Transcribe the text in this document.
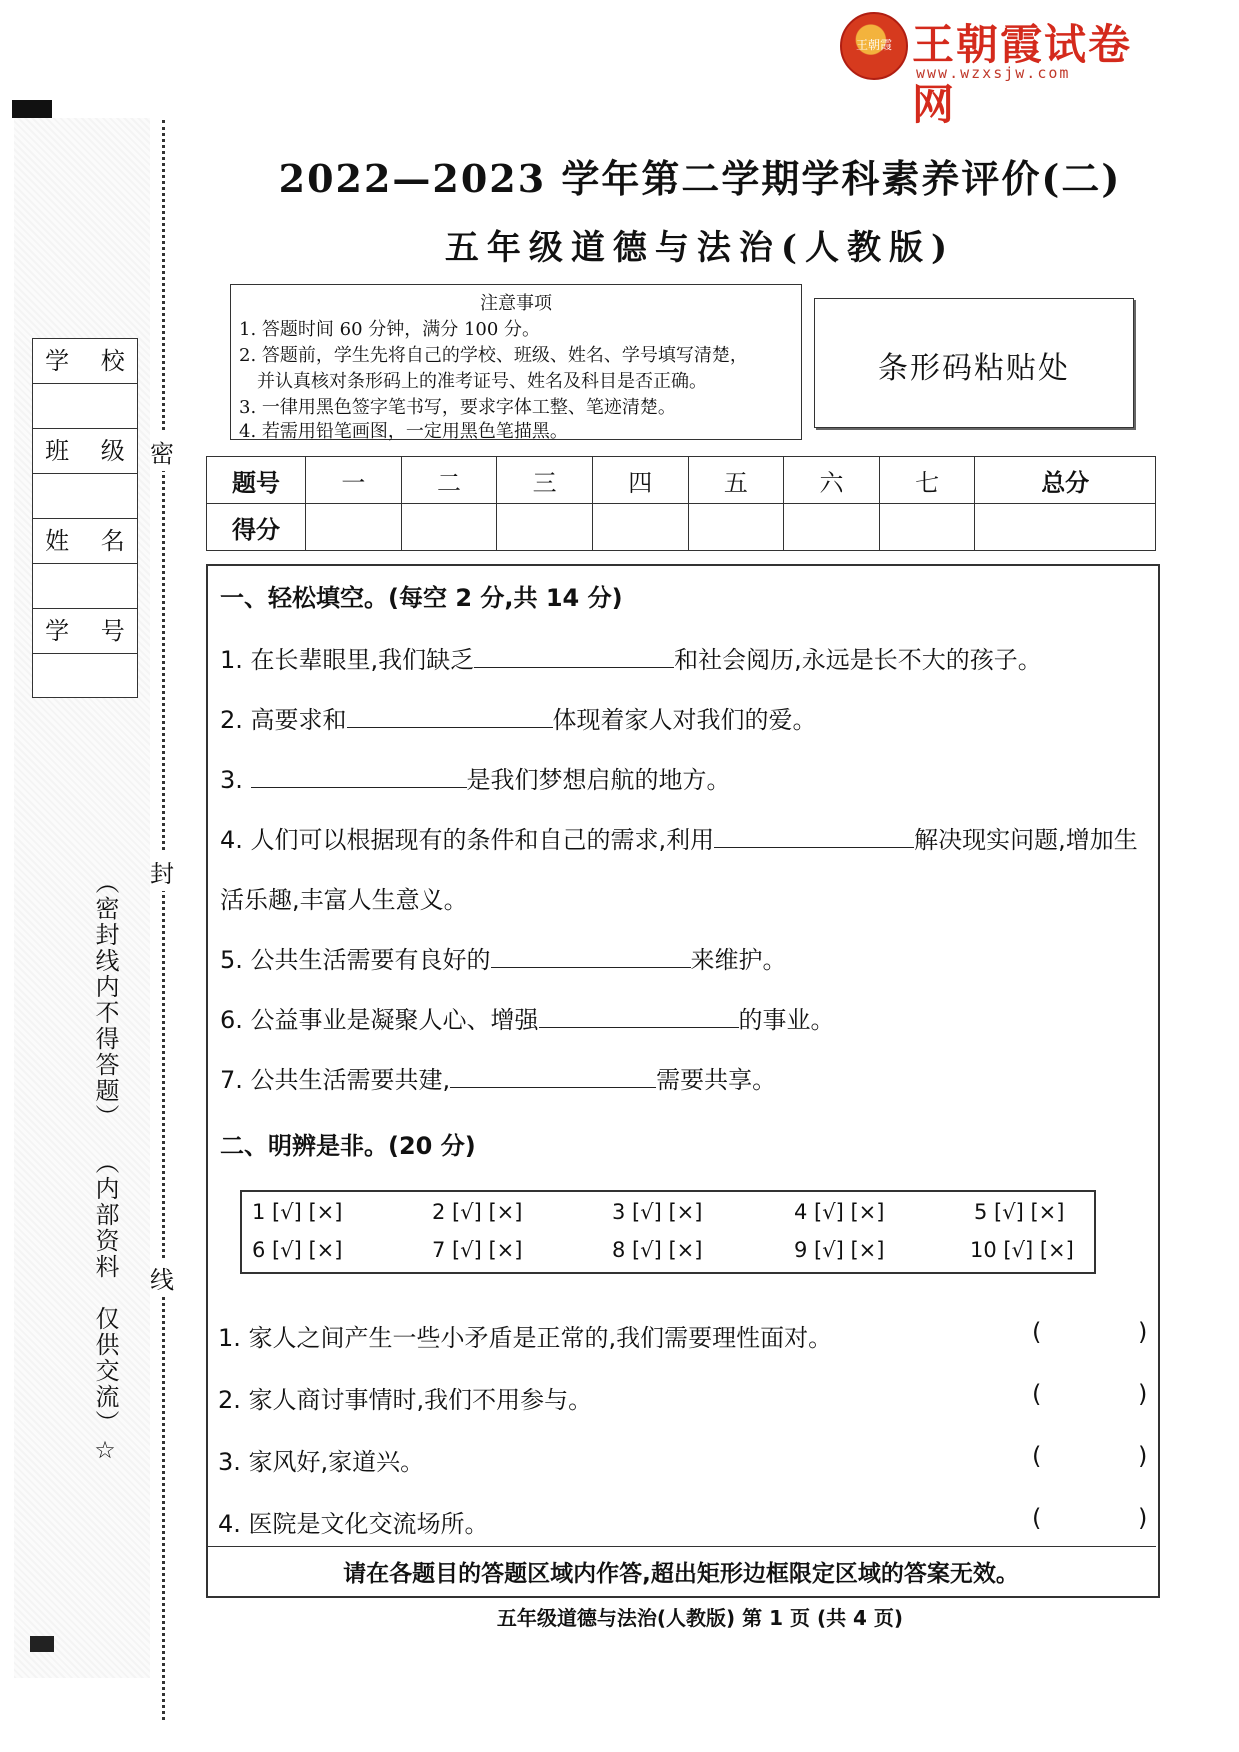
王朝霞 王朝霞试卷网
www.wzxsjw.com
密
封
线
学 校
班 级
姓 名
学 号
（密封线内不得答题）
（内部资料　仅供交流）☆
2022—2023 学年第二学期学科素养评价(二)
五年级道德与法治(人教版)
注意事项
1. 答题时间 60 分钟，满分 100 分。
2. 答题前，学生先将自己的学校、班级、姓名、学号填写清楚，
　并认真核对条形码上的准考证号、姓名及科目是否正确。
3. 一律用黑色签字笔书写，要求字体工整、笔迹清楚。
4. 若需用铅笔画图，一定用黑色笔描黑。
条形码粘贴处
题号	一	二	三	四	五	六	七	总分
得分								
一、轻松填空。(每空 2 分,共 14 分)
1. 在长辈眼里,我们缺乏	和社会阅历,永远是长不大的孩子。
2. 高要求和	体现着家人对我们的爱。
3.	是我们梦想启航的地方。
4. 人们可以根据现有的条件和自己的需求,利用	解决现实问题,增加生
活乐趣,丰富人生意义。
5. 公共生活需要有良好的	来维护。
6. 公益事业是凝聚人心、增强	的事业。
7. 公共生活需要共建,	需要共享。
二、明辨是非。(20 分)
1 [√] [×]	2 [√] [×]	3 [√] [×]	4 [√] [×]	5 [√] [×]
6 [√] [×]	7 [√] [×]	8 [√] [×]	9 [√] [×]	10 [√] [×]
1. 家人之间产生一些小矛盾是正常的,我们需要理性面对。	(	)
2. 家人商讨事情时,我们不用参与。	(	)
3. 家风好,家道兴。	(	)
4. 医院是文化交流场所。	(	)
请在各题目的答题区域内作答,超出矩形边框限定区域的答案无效。
五年级道德与法治(人教版) 第 1 页 (共 4 页)
